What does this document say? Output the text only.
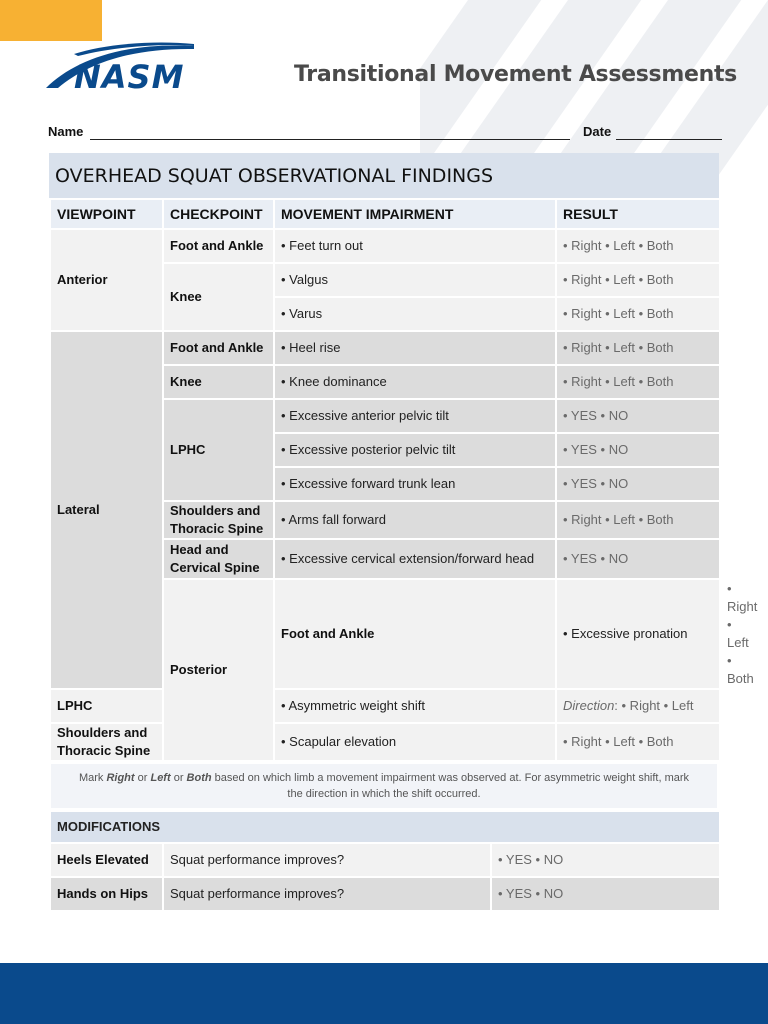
NASM	Transitional Movement Assessments
Name	Date
OVERHEAD SQUAT OBSERVATIONAL FINDINGS
VIEWPOINT	CHECKPOINT	MOVEMENT IMPAIRMENT	RESULT	
Anterior	Foot and Ankle	• Feet turn out	• Right • Left • Both	
	Knee	• Valgus	• Right • Left • Both	
		• Varus	• Right • Left • Both	
Lateral	Foot and Ankle	• Heel rise	• Right • Left • Both	
	Knee	• Knee dominance	• Right • Left • Both	
	LPHC	• Excessive anterior pelvic tilt	• YES • NO	
		• Excessive posterior pelvic tilt	• YES • NO	
		• Excessive forward trunk lean	• YES • NO	
	Shoulders and Thoracic Spine	• Arms fall forward	• Right • Left • Both	
	Head and Cervical Spine	• Excessive cervical extension/forward head	• YES • NO	
	Posterior	Foot and Ankle	• Excessive pronation	• Right • Left • Both
LPHC		• Asymmetric weight shift	Direction: • Right • Left	
Shoulders and Thoracic Spine		• Scapular elevation	• Right • Left • Both	
Mark Right or Left or Both based on which limb a movement impairment was observed at. For asymmetric weight shift, mark the direction in which the shift occurred.
MODIFICATIONS		
Heels Elevated	Squat performance improves?	• YES • NO
Hands on Hips	Squat performance improves?	• YES • NO
